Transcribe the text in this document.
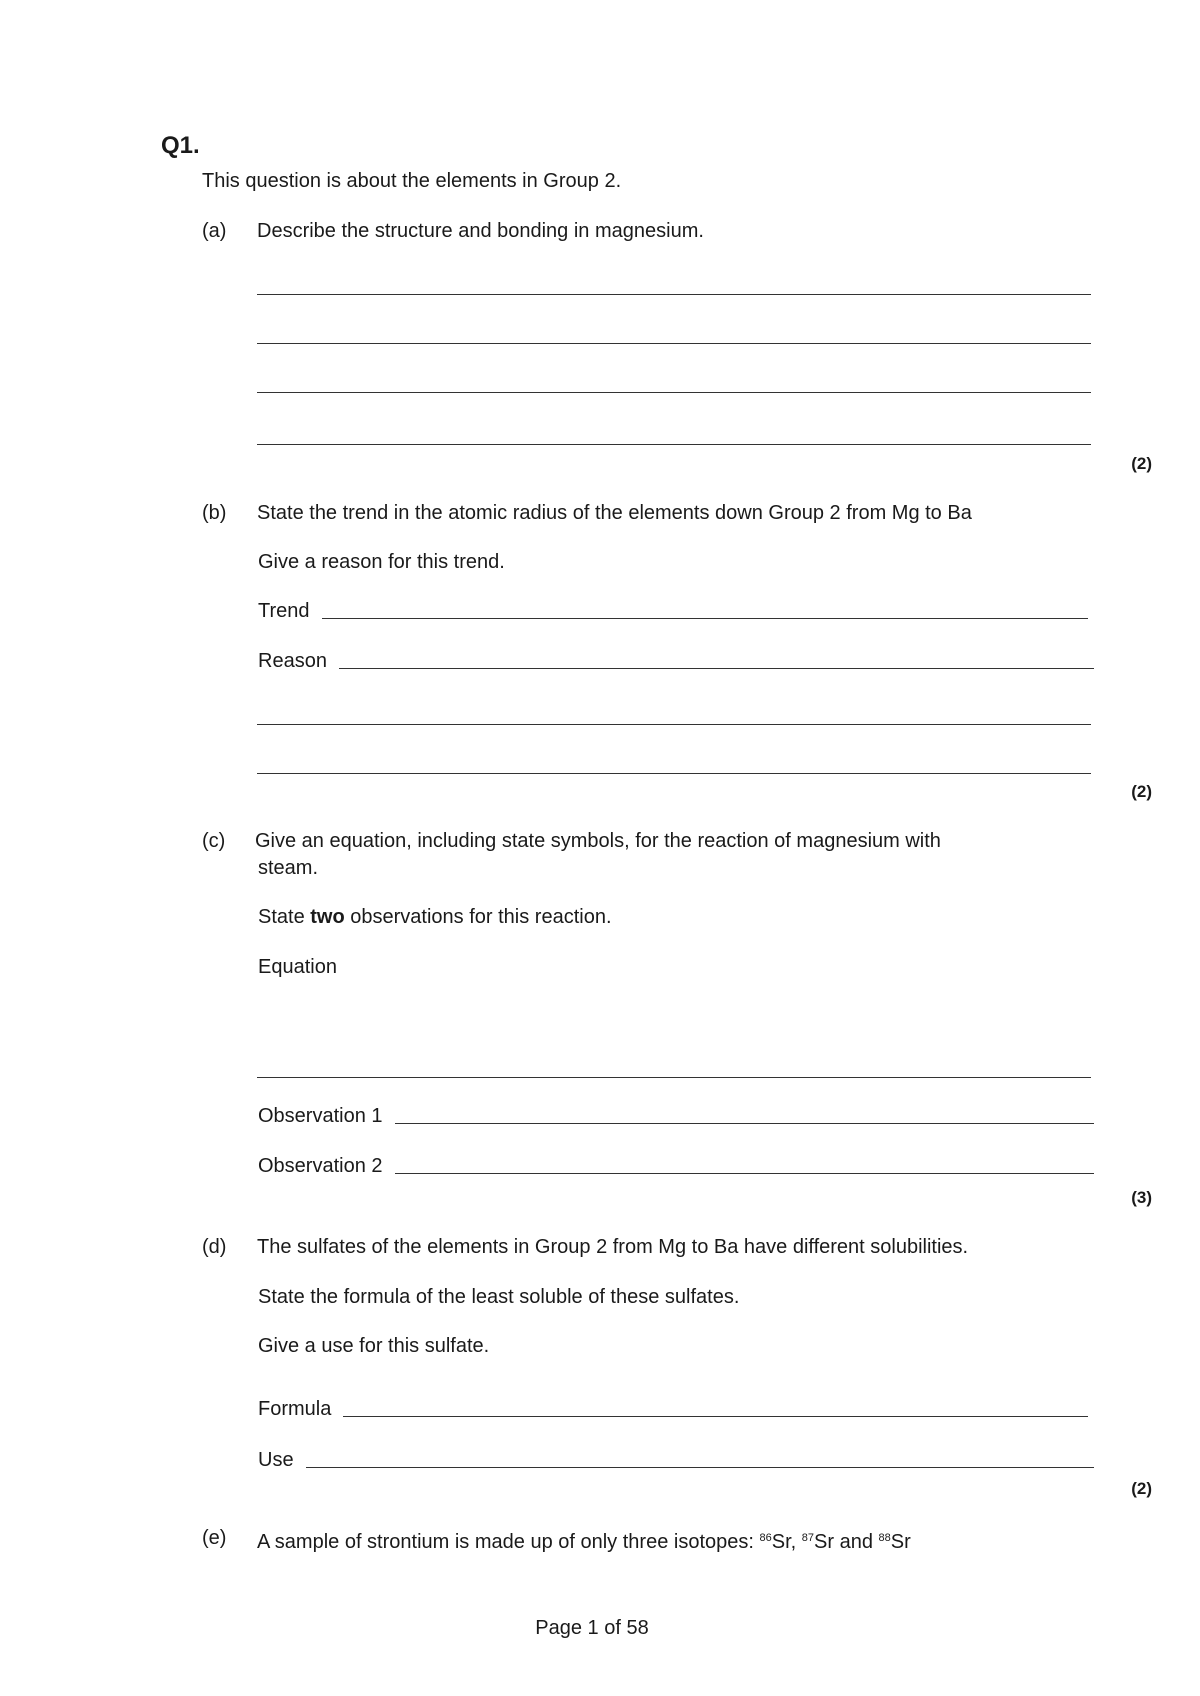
Q1.
This question is about the elements in Group 2.
(a) Describe the structure and bonding in magnesium.
(2)
(b) State the trend in the atomic radius of the elements down Group 2 from Mg to Ba
Give a reason for this trend.
Trend
Reason
(2)
(c) Give an equation, including state symbols, for the reaction of magnesium with
steam.
State two observations for this reaction.
Equation
Observation 1
Observation 2
(3)
(d) The sulfates of the elements in Group 2 from Mg to Ba have different solubilities.
State the formula of the least soluble of these sulfates.
Give a use for this sulfate.
Formula
Use
(2)
(e) A sample of strontium is made up of only three isotopes: $^{86}$Sr, $^{87}$Sr and $^{88}$Sr
Page 1 of 58
